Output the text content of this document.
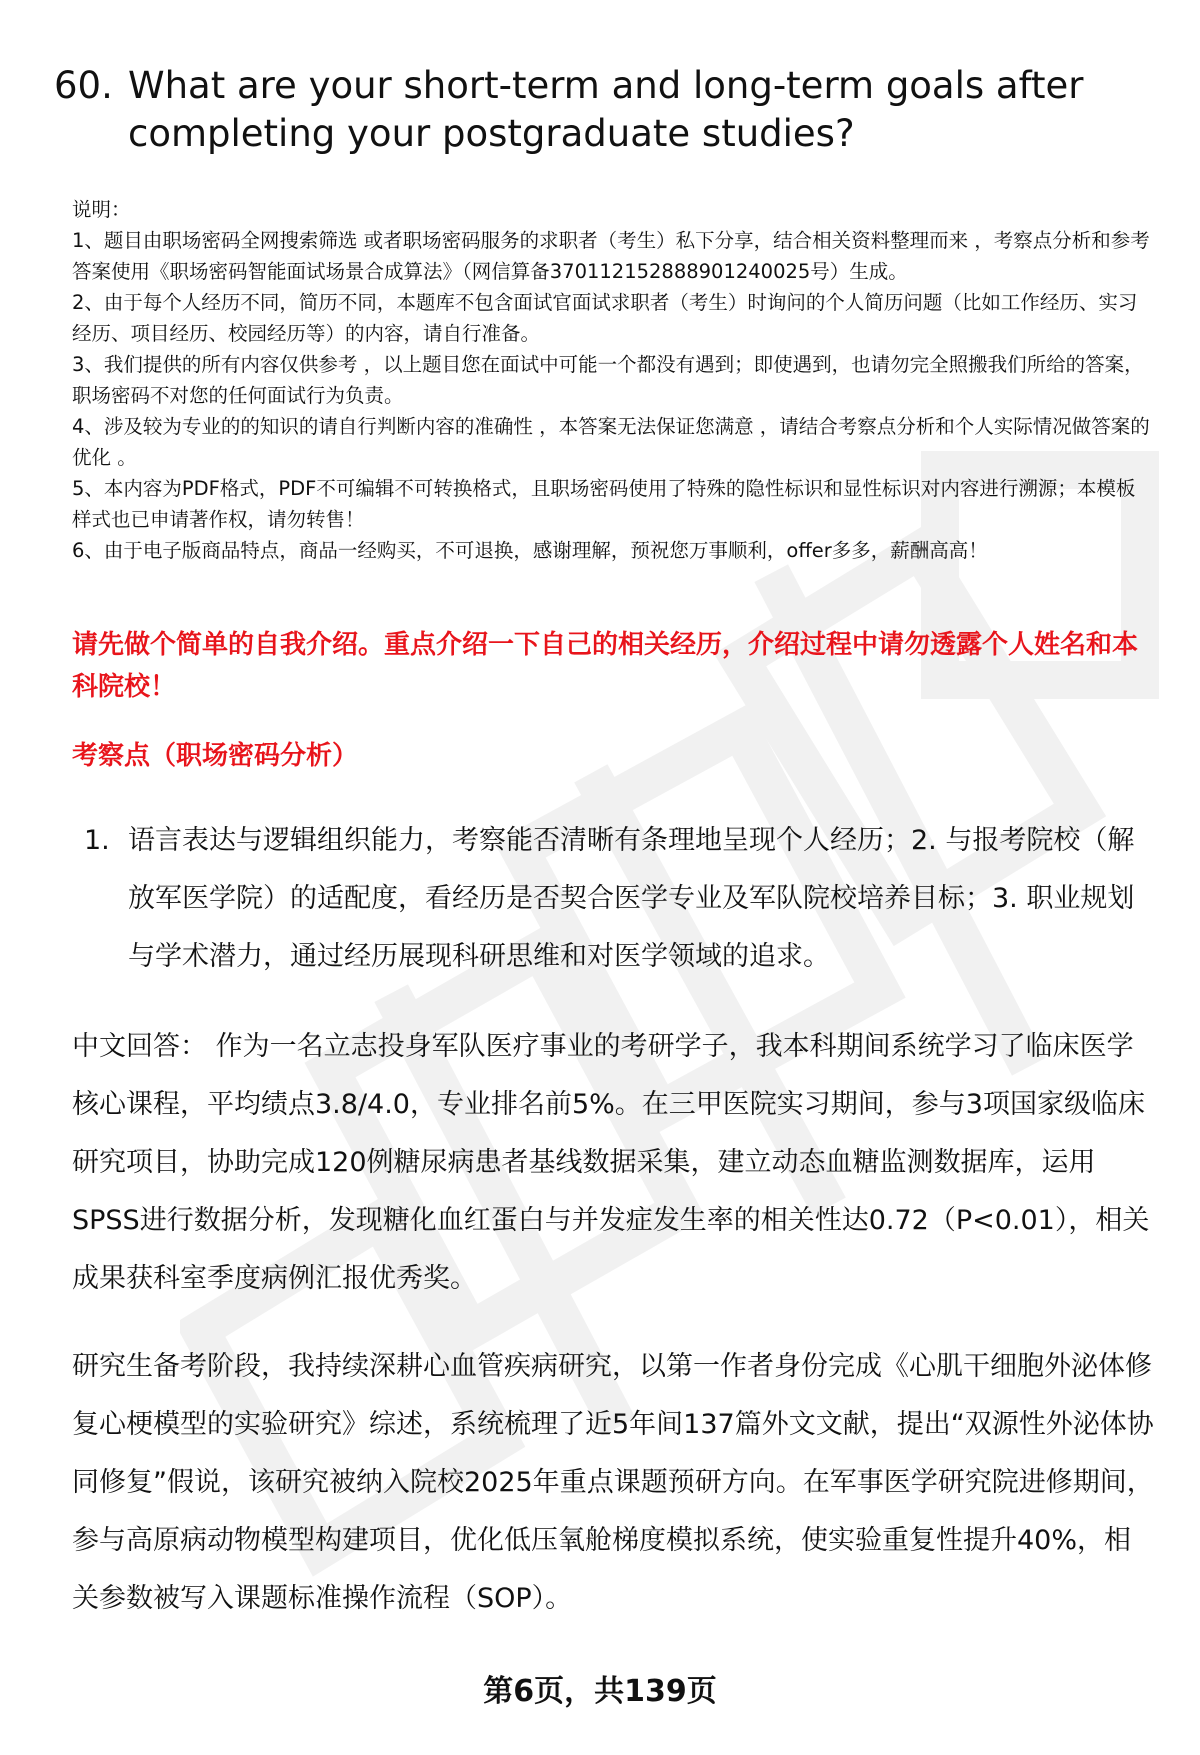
60. What are your short-term and long-term goals after completing your postgraduate studies?

说明：

1、题目由职场密码全网搜索筛选 或者职场密码服务的求职者（考生）私下分享，结合相关资料整理而来 ，考察点分析和参考答案使用《职场密码智能面试场景合成算法》（网信算备370112152888901240025号）生成。

2、由于每个人经历不同，简历不同，本题库不包含面试官面试求职者（考生）时询问的个人简历问题（比如工作经历、实习经历、项目经历、校园经历等）的内容，请自行准备。

3、我们提供的所有内容仅供参考 ，以上题目您在面试中可能一个都没有遇到；即使遇到，也请勿完全照搬我们所给的答案，职场密码不对您的任何面试行为负责。

4、涉及较为专业的的知识的请自行判断内容的准确性 ，本答案无法保证您满意 ，请结合考察点分析和个人实际情况做答案的优化 。

5、本内容为PDF格式，PDF不可编辑不可转换格式，且职场密码使用了特殊的隐性标识和显性标识对内容进行溯源；本模板样式也已申请著作权，请勿转售！

6、由于电子版商品特点，商品一经购买，不可退换，感谢理解，预祝您万事顺利，offer多多，薪酬高高！

请先做个简单的自我介绍。重点介绍一下自己的相关经历，介绍过程中请勿透露个人姓名和本科院校！
考察点（职场密码分析）
1. 语言表达与逻辑组织能力，考察能否清晰有条理地呈现个人经历；2. 与报考院校（解放军医学院）的适配度，看经历是否契合医学专业及军队院校培养目标；3. 职业规划与学术潜力，通过经历展现科研思维和对医学领域的追求。

中文回答： 作为一名立志投身军队医疗事业的考研学子，我本科期间系统学习了临床医学核心课程，平均绩点3.8/4.0，专业排名前5%。在三甲医院实习期间，参与3项国家级临床研究项目，协助完成120例糖尿病患者基线数据采集，建立动态血糖监测数据库，运用SPSS进行数据分析，发现糖化血红蛋白与并发症发生率的相关性达0.72（P<0.01），相关成果获科室季度病例汇报优秀奖。

研究生备考阶段，我持续深耕心血管疾病研究，以第一作者身份完成《心肌干细胞外泌体修复心梗模型的实验研究》综述，系统梳理了近5年间137篇外文文献，提出“双源性外泌体协同修复”假说，该研究被纳入院校2025年重点课题预研方向。在军事医学研究院进修期间，参与高原病动物模型构建项目，优化低压氧舱梯度模拟系统，使实验重复性提升40%，相关参数被写入课题标准操作流程（SOP）。

第6页，共139页
